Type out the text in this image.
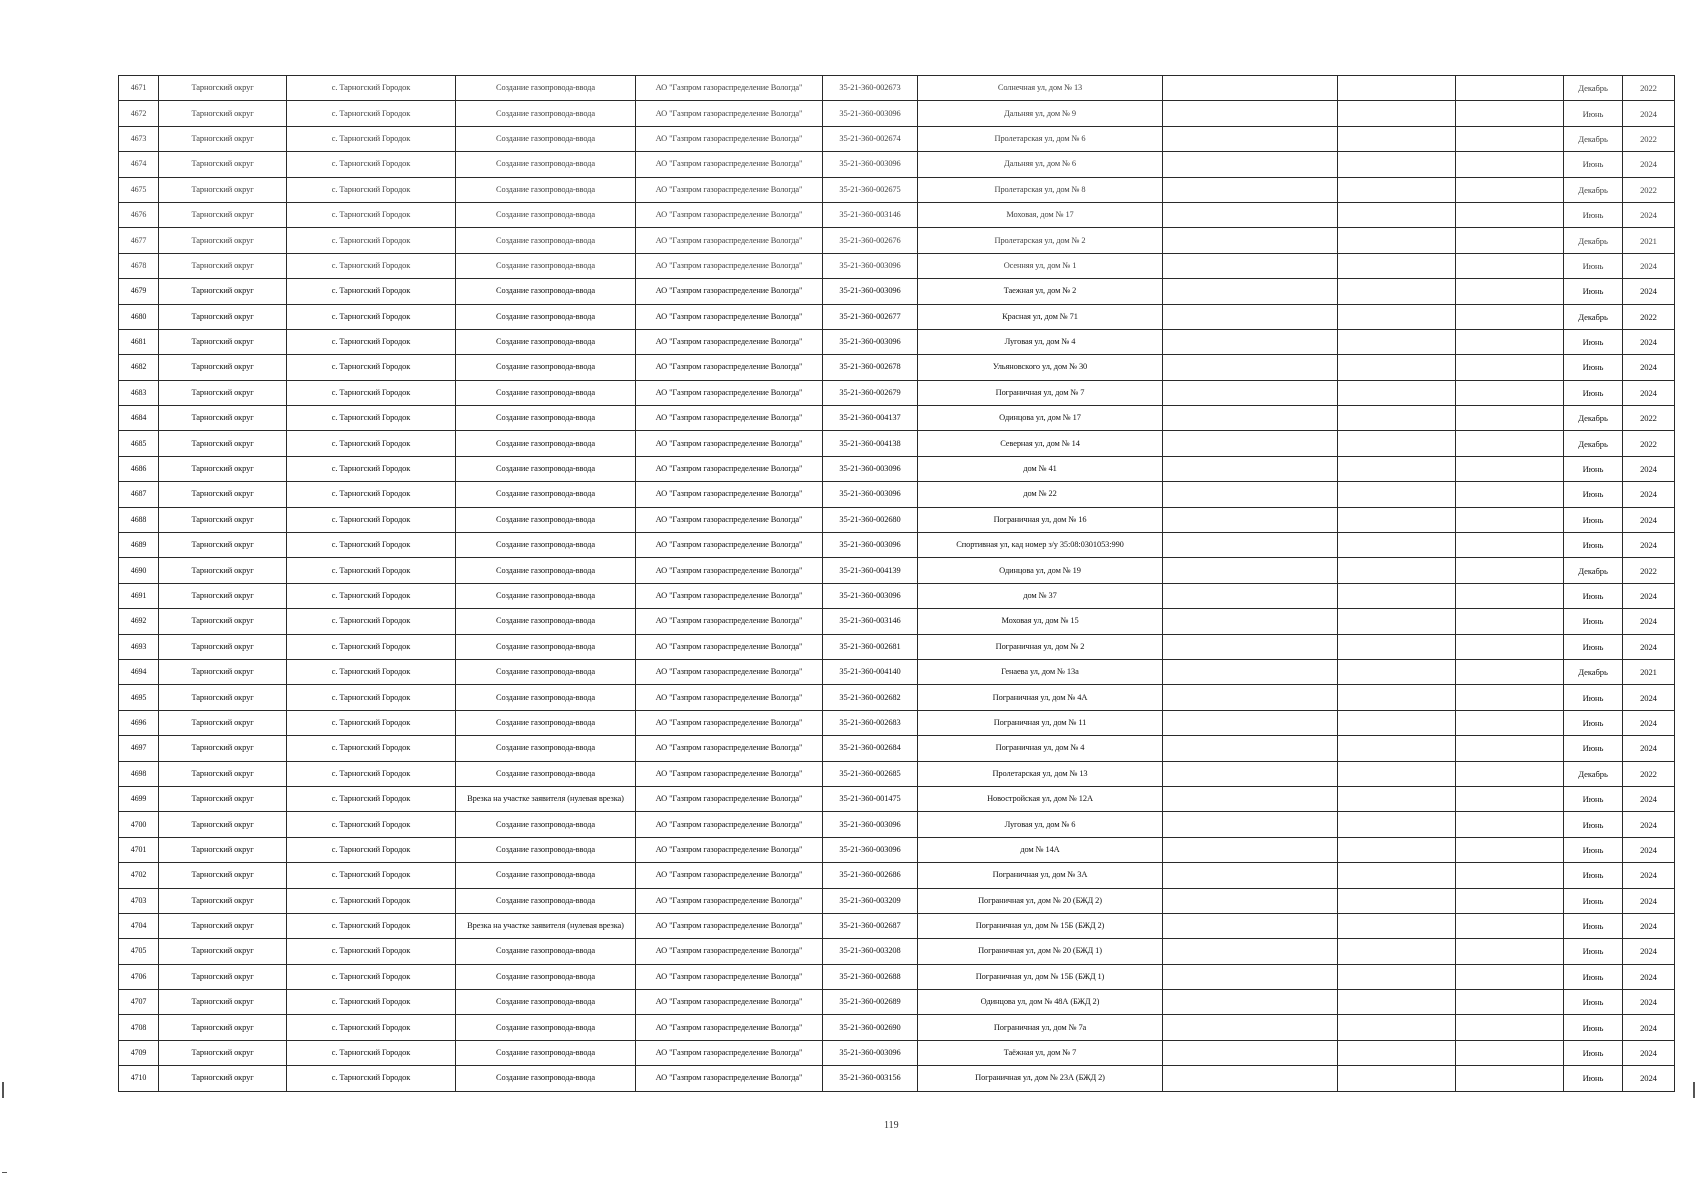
4671	Тарногский округ	с. Тарногский Городок	Создание газопровода-ввода	АО "Газпром газораспределение Вологда"	35-21-360-002673	Солнечная ул, дом № 13				Декабрь	2022
4672	Тарногский округ	с. Тарногский Городок	Создание газопровода-ввода	АО "Газпром газораспределение Вологда"	35-21-360-003096	Дальняя ул, дом № 9				Июнь	2024
4673	Тарногский округ	с. Тарногский Городок	Создание газопровода-ввода	АО "Газпром газораспределение Вологда"	35-21-360-002674	Пролетарская ул, дом № 6				Декабрь	2022
4674	Тарногский округ	с. Тарногский Городок	Создание газопровода-ввода	АО "Газпром газораспределение Вологда"	35-21-360-003096	Дальняя ул, дом № 6				Июнь	2024
4675	Тарногский округ	с. Тарногский Городок	Создание газопровода-ввода	АО "Газпром газораспределение Вологда"	35-21-360-002675	Пролетарская ул, дом № 8				Декабрь	2022
4676	Тарногский округ	с. Тарногский Городок	Создание газопровода-ввода	АО "Газпром газораспределение Вологда"	35-21-360-003146	Моховая, дом № 17				Июнь	2024
4677	Тарногский округ	с. Тарногский Городок	Создание газопровода-ввода	АО "Газпром газораспределение Вологда"	35-21-360-002676	Пролетарская ул, дом № 2				Декабрь	2021
4678	Тарногский округ	с. Тарногский Городок	Создание газопровода-ввода	АО "Газпром газораспределение Вологда"	35-21-360-003096	Осенняя ул, дом № 1				Июнь	2024
4679	Тарногский округ	с. Тарногский Городок	Создание газопровода-ввода	АО "Газпром газораспределение Вологда"	35-21-360-003096	Таежная ул, дом № 2				Июнь	2024
4680	Тарногский округ	с. Тарногский Городок	Создание газопровода-ввода	АО "Газпром газораспределение Вологда"	35-21-360-002677	Красная ул, дом № 71				Декабрь	2022
4681	Тарногский округ	с. Тарногский Городок	Создание газопровода-ввода	АО "Газпром газораспределение Вологда"	35-21-360-003096	Луговая ул, дом № 4				Июнь	2024
4682	Тарногский округ	с. Тарногский Городок	Создание газопровода-ввода	АО "Газпром газораспределение Вологда"	35-21-360-002678	Ульяновского ул, дом № 30				Июнь	2024
4683	Тарногский округ	с. Тарногский Городок	Создание газопровода-ввода	АО "Газпром газораспределение Вологда"	35-21-360-002679	Пограничная ул, дом № 7				Июнь	2024
4684	Тарногский округ	с. Тарногский Городок	Создание газопровода-ввода	АО "Газпром газораспределение Вологда"	35-21-360-004137	Одинцова ул, дом № 17				Декабрь	2022
4685	Тарногский округ	с. Тарногский Городок	Создание газопровода-ввода	АО "Газпром газораспределение Вологда"	35-21-360-004138	Северная ул, дом № 14				Декабрь	2022
4686	Тарногский округ	с. Тарногский Городок	Создание газопровода-ввода	АО "Газпром газораспределение Вологда"	35-21-360-003096	дом № 41				Июнь	2024
4687	Тарногский округ	с. Тарногский Городок	Создание газопровода-ввода	АО "Газпром газораспределение Вологда"	35-21-360-003096	дом № 22				Июнь	2024
4688	Тарногский округ	с. Тарногский Городок	Создание газопровода-ввода	АО "Газпром газораспределение Вологда"	35-21-360-002680	Пограничная ул, дом № 16				Июнь	2024
4689	Тарногский округ	с. Тарногский Городок	Создание газопровода-ввода	АО "Газпром газораспределение Вологда"	35-21-360-003096	Спортивная ул, кад номер з/у 35:08:0301053:990				Июнь	2024
4690	Тарногский округ	с. Тарногский Городок	Создание газопровода-ввода	АО "Газпром газораспределение Вологда"	35-21-360-004139	Одинцова ул, дом № 19				Декабрь	2022
4691	Тарногский округ	с. Тарногский Городок	Создание газопровода-ввода	АО "Газпром газораспределение Вологда"	35-21-360-003096	дом № 37				Июнь	2024
4692	Тарногский округ	с. Тарногский Городок	Создание газопровода-ввода	АО "Газпром газораспределение Вологда"	35-21-360-003146	Моховая ул, дом № 15				Июнь	2024
4693	Тарногский округ	с. Тарногский Городок	Создание газопровода-ввода	АО "Газпром газораспределение Вологда"	35-21-360-002681	Пограничная ул, дом № 2				Июнь	2024
4694	Тарногский округ	с. Тарногский Городок	Создание газопровода-ввода	АО "Газпром газораспределение Вологда"	35-21-360-004140	Генаева ул, дом № 13а				Декабрь	2021
4695	Тарногский округ	с. Тарногский Городок	Создание газопровода-ввода	АО "Газпром газораспределение Вологда"	35-21-360-002682	Пограничная ул, дом № 4А				Июнь	2024
4696	Тарногский округ	с. Тарногский Городок	Создание газопровода-ввода	АО "Газпром газораспределение Вологда"	35-21-360-002683	Пограничная ул, дом № 11				Июнь	2024
4697	Тарногский округ	с. Тарногский Городок	Создание газопровода-ввода	АО "Газпром газораспределение Вологда"	35-21-360-002684	Пограничная ул, дом № 4				Июнь	2024
4698	Тарногский округ	с. Тарногский Городок	Создание газопровода-ввода	АО "Газпром газораспределение Вологда"	35-21-360-002685	Пролетарская ул, дом № 13				Декабрь	2022
4699	Тарногский округ	с. Тарногский Городок	Врезка на участке заявителя (нулевая врезка)	АО "Газпром газораспределение Вологда"	35-21-360-001475	Новостройская ул, дом № 12А				Июнь	2024
4700	Тарногский округ	с. Тарногский Городок	Создание газопровода-ввода	АО "Газпром газораспределение Вологда"	35-21-360-003096	Луговая ул, дом № 6				Июнь	2024
4701	Тарногский округ	с. Тарногский Городок	Создание газопровода-ввода	АО "Газпром газораспределение Вологда"	35-21-360-003096	дом № 14А				Июнь	2024
4702	Тарногский округ	с. Тарногский Городок	Создание газопровода-ввода	АО "Газпром газораспределение Вологда"	35-21-360-002686	Пограничная ул, дом № 3А				Июнь	2024
4703	Тарногский округ	с. Тарногский Городок	Создание газопровода-ввода	АО "Газпром газораспределение Вологда"	35-21-360-003209	Пограничная ул, дом № 20 (БЖД 2)				Июнь	2024
4704	Тарногский округ	с. Тарногский Городок	Врезка на участке заявителя (нулевая врезка)	АО "Газпром газораспределение Вологда"	35-21-360-002687	Пограничная ул, дом № 15Б (БЖД 2)				Июнь	2024
4705	Тарногский округ	с. Тарногский Городок	Создание газопровода-ввода	АО "Газпром газораспределение Вологда"	35-21-360-003208	Пограничная ул, дом № 20 (БЖД 1)				Июнь	2024
4706	Тарногский округ	с. Тарногский Городок	Создание газопровода-ввода	АО "Газпром газораспределение Вологда"	35-21-360-002688	Пограничная ул, дом № 15Б (БЖД 1)				Июнь	2024
4707	Тарногский округ	с. Тарногский Городок	Создание газопровода-ввода	АО "Газпром газораспределение Вологда"	35-21-360-002689	Одинцова ул, дом № 48А (БЖД 2)				Июнь	2024
4708	Тарногский округ	с. Тарногский Городок	Создание газопровода-ввода	АО "Газпром газораспределение Вологда"	35-21-360-002690	Пограничная ул, дом № 7а				Июнь	2024
4709	Тарногский округ	с. Тарногский Городок	Создание газопровода-ввода	АО "Газпром газораспределение Вологда"	35-21-360-003096	Таёжная ул, дом № 7				Июнь	2024
4710	Тарногский округ	с. Тарногский Городок	Создание газопровода-ввода	АО "Газпром газораспределение Вологда"	35-21-360-003156	Пограничная ул, дом № 23А (БЖД 2)				Июнь	2024
119
